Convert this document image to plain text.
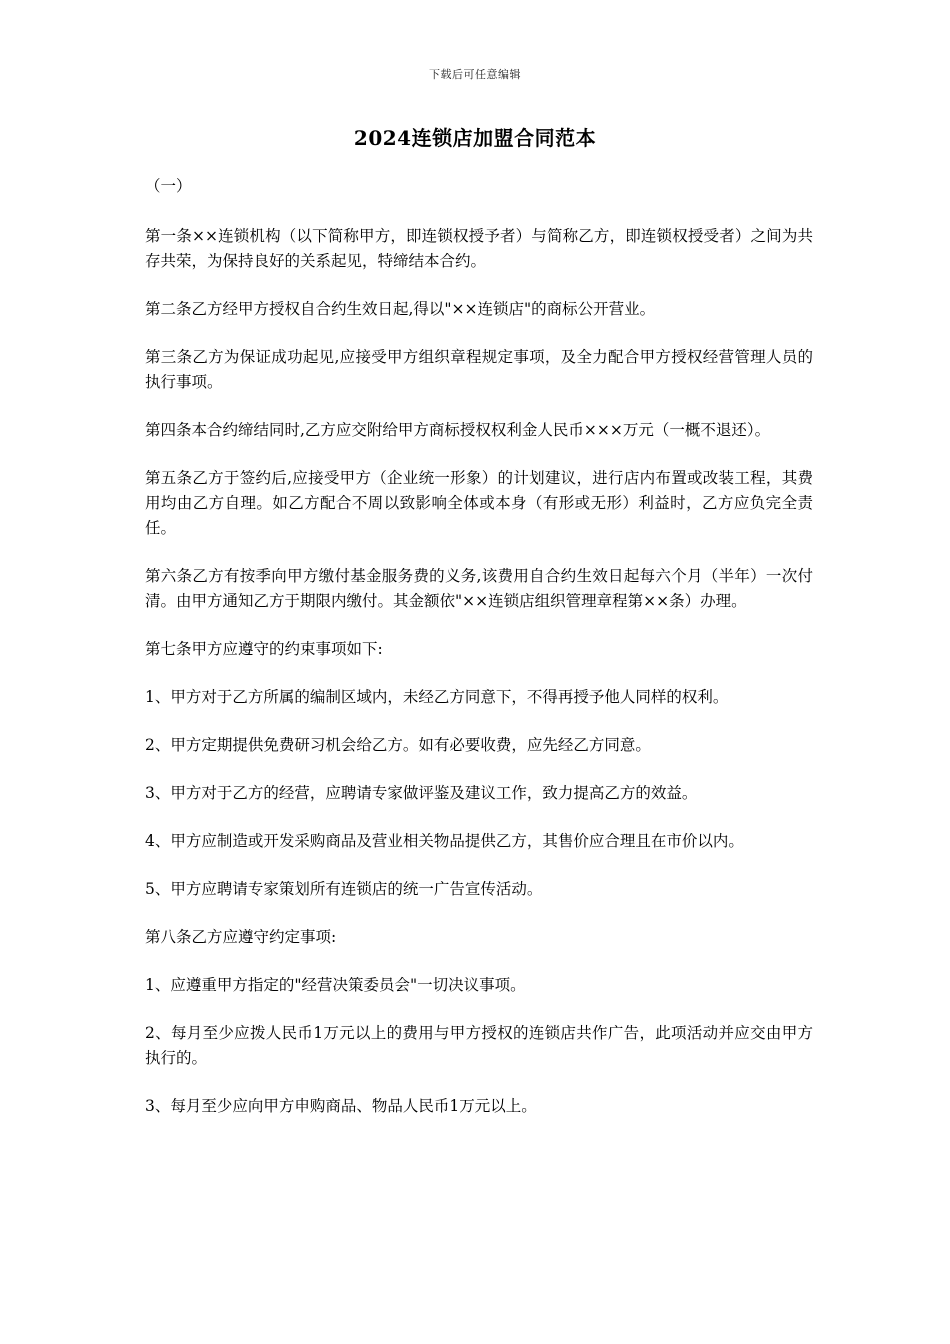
下载后可任意编辑
2024连锁店加盟合同范本

（一）

第一条××连锁机构（以下简称甲方，即连锁权授予者）与简称乙方，即连锁权授受者）之间为共存共荣，为保持良好的关系起见，特缔结本合约。

第二条乙方经甲方授权自合约生效日起,得以"××连锁店"的商标公开营业。

第三条乙方为保证成功起见,应接受甲方组织章程规定事项，及全力配合甲方授权经营管理人员的执行事项。

第四条本合约缔结同时,乙方应交附给甲方商标授权权利金人民币×××万元（一概不退还）。

第五条乙方于签约后,应接受甲方（企业统一形象）的计划建议，进行店内布置或改装工程，其费用均由乙方自理。如乙方配合不周以致影响全体或本身（有形或无形）利益时，乙方应负完全责任。

第六条乙方有按季向甲方缴付基金服务费的义务,该费用自合约生效日起每六个月（半年）一次付清。由甲方通知乙方于期限内缴付。其金额依"××连锁店组织管理章程第××条）办理。

第七条甲方应遵守的约束事项如下:

1、甲方对于乙方所属的编制区域内，未经乙方同意下，不得再授予他人同样的权利。

2、甲方定期提供免费研习机会给乙方。如有必要收费，应先经乙方同意。

3、甲方对于乙方的经营，应聘请专家做评鉴及建议工作，致力提高乙方的效益。

4、甲方应制造或开发采购商品及营业相关物品提供乙方，其售价应合理且在市价以内。

5、甲方应聘请专家策划所有连锁店的统一广告宣传活动。

第八条乙方应遵守约定事项:

1、应遵重甲方指定的"经营决策委员会"一切决议事项。

2、每月至少应拨人民币1万元以上的费用与甲方授权的连锁店共作广告，此项活动并应交由甲方执行的。

3、每月至少应向甲方申购商品、物品人民币1万元以上。
